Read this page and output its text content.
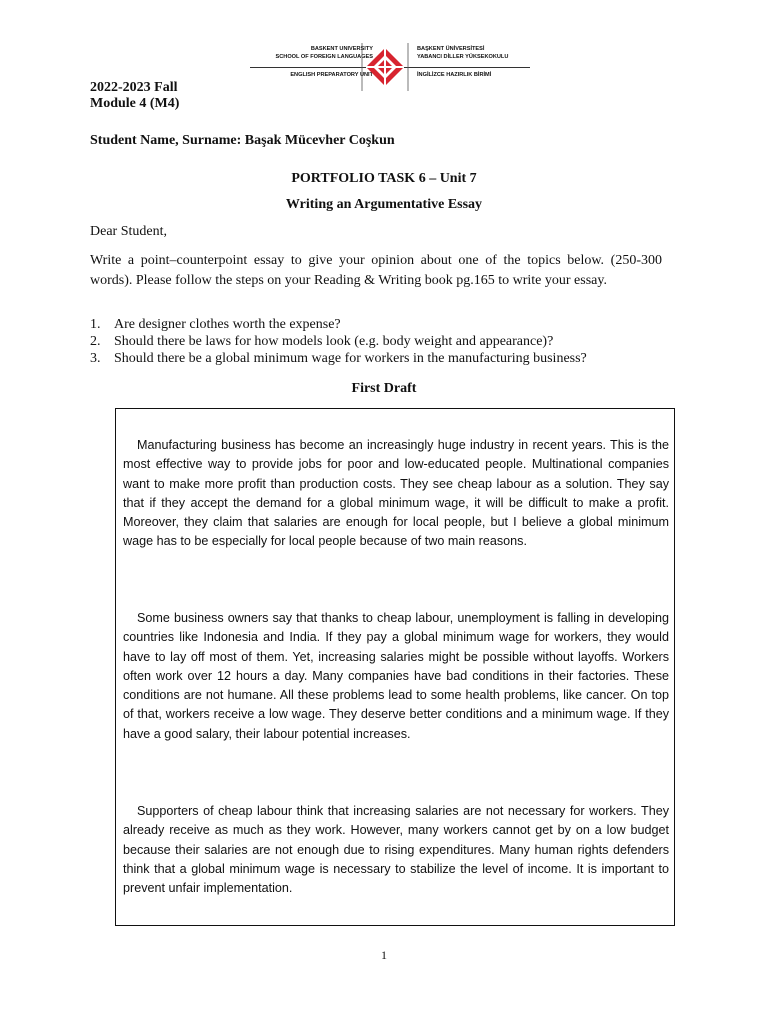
BASKENT UNIVERSITY
SCHOOL OF FOREIGN LANGUAGES
ENGLISH PREPARATORY UNIT
BAŞKENT ÜNİVERSİTESİ
YABANCI DİLLER YÜKSEKOKULU
İNGİLİZCE HAZIRLIK BİRİMİ
2022-2023 Fall
Module 4 (M4)
Student Name, Surname: Başak Mücevher Coşkun
PORTFOLIO TASK 6 – Unit 7
Writing an Argumentative Essay
Dear Student,

Write a point–counterpoint essay to give your opinion about one of the topics below. (250-300 words). Please follow the steps on your Reading & Writing book pg.165 to write your essay.

1. Are designer clothes worth the expense?
2. Should there be laws for how models look (e.g. body weight and appearance)?
3. Should there be a global minimum wage for workers in the manufacturing business?
First Draft

Manufacturing business has become an increasingly huge industry in recent years. This is the most effective way to provide jobs for poor and low-educated people. Multinational companies want to make more profit than production costs. They see cheap labour as a solution. They say that if they accept the demand for a global minimum wage, it will be difficult to make a profit. Moreover, they claim that salaries are enough for local people, but I believe a global minimum wage has to be especially for local people because of two main reasons.

Some business owners say that thanks to cheap labour, unemployment is falling in developing countries like Indonesia and India. If they pay a global minimum wage for workers, they would have to lay off most of them. Yet, increasing salaries might be possible without layoffs. Workers often work over 12 hours a day. Many companies have bad conditions in their factories. These conditions are not humane. All these problems lead to some health problems, like cancer. On top of that, workers receive a low wage. They deserve better conditions and a minimum wage. If they have a good salary, their labour potential increases.

Supporters of cheap labour think that increasing salaries are not necessary for workers. They already receive as much as they work. However, many workers cannot get by on a low budget because their salaries are not enough due to rising expenditures. Many human rights defenders think that a global minimum wage is necessary to stabilize the level of income. It is important to prevent unfair implementation.

1
